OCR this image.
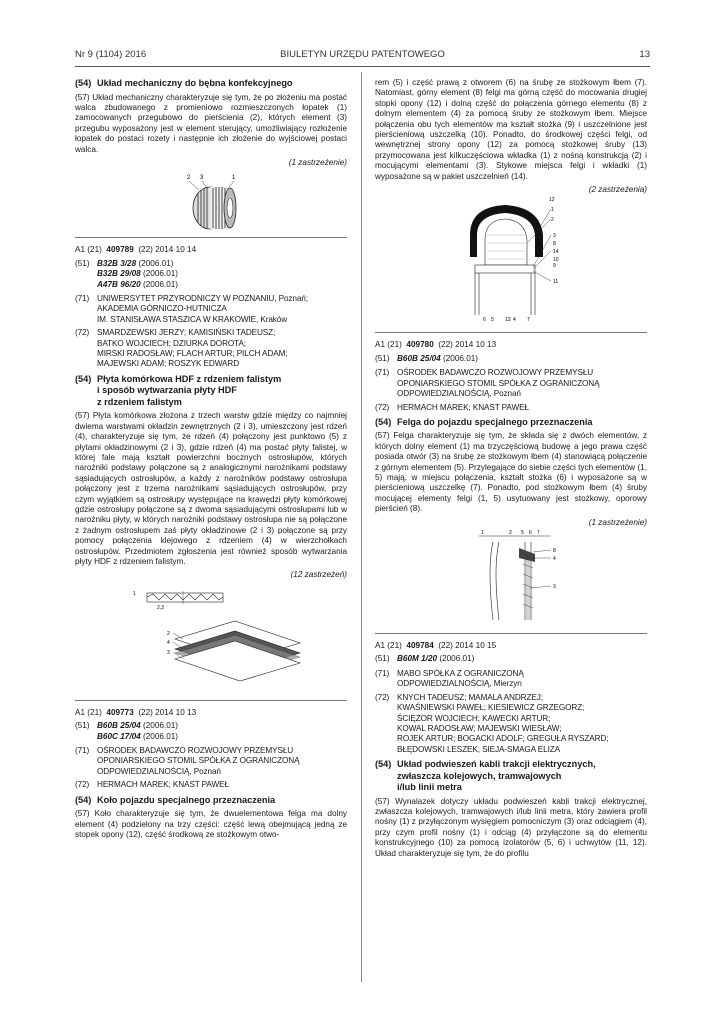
Nr 9 (1104) 2016	BIULETYN URZĘDU PATENTOWEGO	13
(54) Układ mechaniczny do bębna konfekcyjnego
(57) Układ mechaniczny charakteryzuje się tym, że po złożeniu ma postać walca zbudowanego z promieniowo rozmieszczonych łopatek (1) zamocowanych przegubowo do pierścienia (2), których element (3) przegubu wyposażony jest w element sterujący, umożliwiający rozłożenie łopatek do postaci rozety i następnie ich złożenie do wyjściowej postaci walca.
(1 zastrzeżenie)
2 3	1
A1 (21)
409789
(22) 2014 10 14
(51) B32B 3/28 (2006.01)
B32B 29/08 (2006.01)
A47B 96/20 (2006.01)
(71) UNIWERSYTET PRZYRODNICZY W POZNANIU, Poznań;
AKADEMIA GÓRNICZO-HUTNICZA
IM. STANISŁAWA STASZICA W KRAKOWIE, Kraków
(72) SMARDZEWSKI JERZY; KAMISIŃSKI TADEUSZ;
BATKO WOJCIECH; DZIURKA DOROTA;
MIRSKI RADOSŁAW; FLACH ARTUR; PILCH ADAM;
MAJEWSKI ADAM; ROSZYK EDWARD
(54) Płyta komórkowa HDF z rdzeniem falistym
i sposób wytwarzania płyty HDF
z rdzeniem falistym
(57) Płyta komórkowa złożona z trzech warstw gdzie między co najmniej dwiema warstwami okładzin zewnętrznych (2 i 3), umieszczony jest rdzeń (4), charakteryzuje się tym, że rdzeń (4) połączony jest punktowo (5) z płytami okładzinowymi (2 i 3), gdzie rdzeń (4) ma postać płyty falistej, w której fale mają kształt powierzchni bocznych ostrosłupów, których narożniki podstawy połączone są z analogicznymi narożnikami podstawy sąsiadujących ostrosłupów, a każdy z narożników podstawy ostrosłupa połączony jest z trzema narożnikami sąsiadujących ostrosłupów, przy czym wyjątkiem są ostrosłupy występujące na krawędzi płyty komórkowej gdzie ostrosłupy połączone są z dwoma sąsiadującymi ostrosłupami lub w narożniku płyty, w których narożniki podstawy ostrosłupa nie są połączone z żadnym ostrosłupem zaś płyty okładzinowe (2 i 3) połączone są przy pomocy połączenia klejowego z rdzeniem (4) w wierzchołkach ostrosłupów. Przedmiotem zgłoszenia jest również sposób wytwarzania płyty HDF z rdzeniem falistym.
(12 zastrzeżeń)
1
2,3
2
4
3
A1 (21)
409773
(22) 2014 10 13
(51) B60B 25/04 (2006.01)
B60C 17/04 (2006.01)
(71) OŚRODEK BADAWCZO ROZWOJOWY PRZEMYSŁU
OPONIARSKIEGO STOMIL SPÓŁKA Z OGRANICZONĄ
ODPOWIEDZIALNOŚCIĄ, Poznań
(72) HERMACH MAREK; KNAST PAWEŁ
(54) Koło pojazdu specjalnego przeznaczenia
(57) Koło charakteryzuje się tym, że dwuelementowa felga ma dolny element (4) podzielony na trzy części: część lewą obejmującą jedną ze stopek opony (12), część środkową ze stożkowym otwo-
rem (5) i część prawą z otworem (6) na śrubę ze stożkowym łbem (7). Natomiast, górny element (8) felgi ma górną część do mocowania drugiej stopki opony (12) i dolną część do połączenia górnego elementu (8) z dolnym elementem (4) za pomocą śruby ze stożkowym łbem. Miejsce połączenia obu tych elementów ma kształt stożka (9) i uszczelnione jest pierścieniową uszczelką (10). Ponadto, do środkowej części felgi, od wewnętrznej strony opony (12) za pomocą stożkowej śruby (13) przymocowana jest kilkuczęściowa wkładka (1) z nośną konstrukcją (2) i mocującymi elementami (3). Stykowe miejsca felgi i wkładki (1) wyposażone są w pakiet uszczelnień (14).
(2 zastrzeżenia)
12
1
2
3
8
14
10
9
11
6 5 13 4 7
A1 (21)
409780
(22) 2014 10 13
(51) B60B 25/04 (2006.01)
(71) OŚRODEK BADAWCZO ROZWOJOWY PRZEMYSŁU
OPONIARSKIEGO STOMIL SPÓŁKA Z OGRANICZONĄ
ODPOWIEDZIALNOŚCIĄ, Poznań
(72) HERMACH MAREK; KNAST PAWEŁ
(54) Felga do pojazdu specjalnego przeznaczenia
(57) Felga charakteryzuje się tym, że składa się z dwóch elementów, z których dolny element (1) ma trzyczęściową budowę a jego prawa część posiada otwór (3) na śrubę ze stożkowym łbem (4) stanowiącą połączenie z górnym elementem (5). Przylegające do siebie części tych elementów (1, 5) mają, w miejscu połączenia, kształt stożka (6) i wyposażone są w pierścieniową uszczelkę (7). Ponadto, pod stożkowym łbem (4) śruby mocującej elementy felgi (1, 5) usytuowany jest stożkowy, oporowy pierścień (8).
(1 zastrzeżenie)
1	2 5 6 7
8
4
3
A1 (21)
409784
(22) 2014 10 15
(51) B60M 1/20 (2006.01)
(71) MABO SPÓŁKA Z OGRANICZONĄ
ODPOWIEDZIALNOŚCIĄ, Mierzyn
(72) KNYCH TADEUSZ; MAMALA ANDRZEJ;
KWAŚNIEWSKI PAWEŁ; KIESIEWICZ GRZEGORZ;
ŚCIĘŻOR WOJCIECH; KAWECKI ARTUR;
KOWAL RADOSŁAW; MAJEWSKI WIESŁAW;
ROJEK ARTUR; BOGACKI ADOLF; GREGUŁA RYSZARD;
BŁĘDOWSKI LESZEK; SIEJA-SMAGA ELIZA
(54) Układ podwieszeń kabli trakcji elektrycznych,
zwłaszcza kolejowych, tramwajowych
i/lub linii metra
(57) Wynalazek dotyczy układu podwieszeń kabli trakcji elektrycznej, zwłaszcza kolejowych, tramwajowych i/lub linii metra, który zawiera profil nośny (1) z przyłączonym wysięgiem pomocniczym (3) oraz odciągiem (4), przy czym profil nośny (1) i odciąg (4) przyłączone są do elementu konstrukcyjnego (10) za pomocą izolatorów (5, 6) i uchwytów (11, 12). Układ charakteryzuje się tym, że do profilu
